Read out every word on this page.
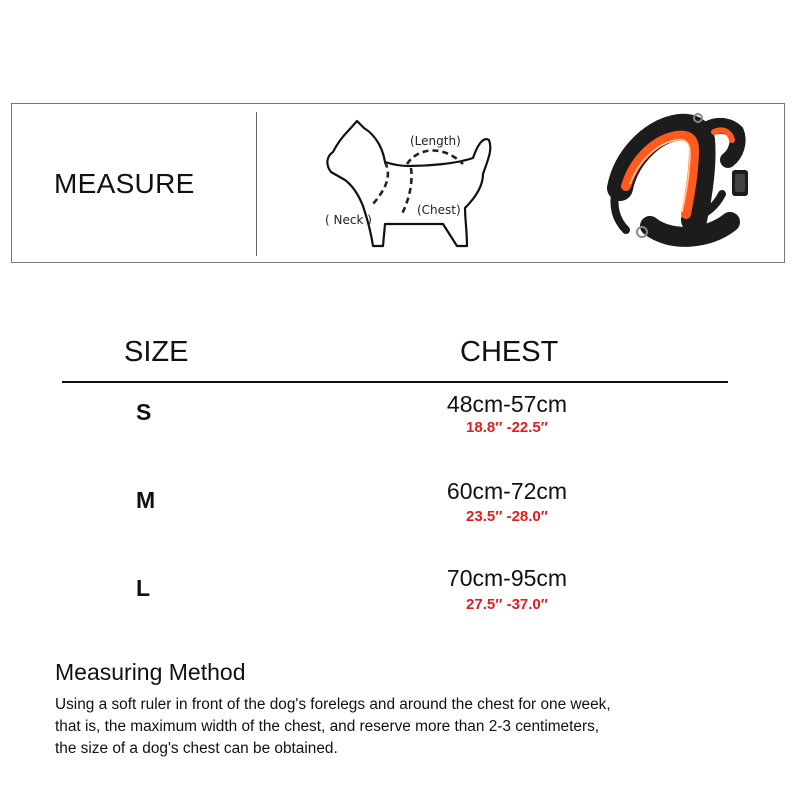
MEASURE
(Length)
( Neck )
(Chest)
SIZE	CHEST
S	48cm-57cm
18.8″ -22.5″
M	60cm-72cm
23.5″ -28.0″
L	70cm-95cm
27.5″ -37.0″
Measuring Method
Using a soft ruler in front of the dog's forelegs and around the chest for one week,
that is, the maximum width of the chest, and reserve more than 2-3 centimeters,
the size of a dog's chest can be obtained.
